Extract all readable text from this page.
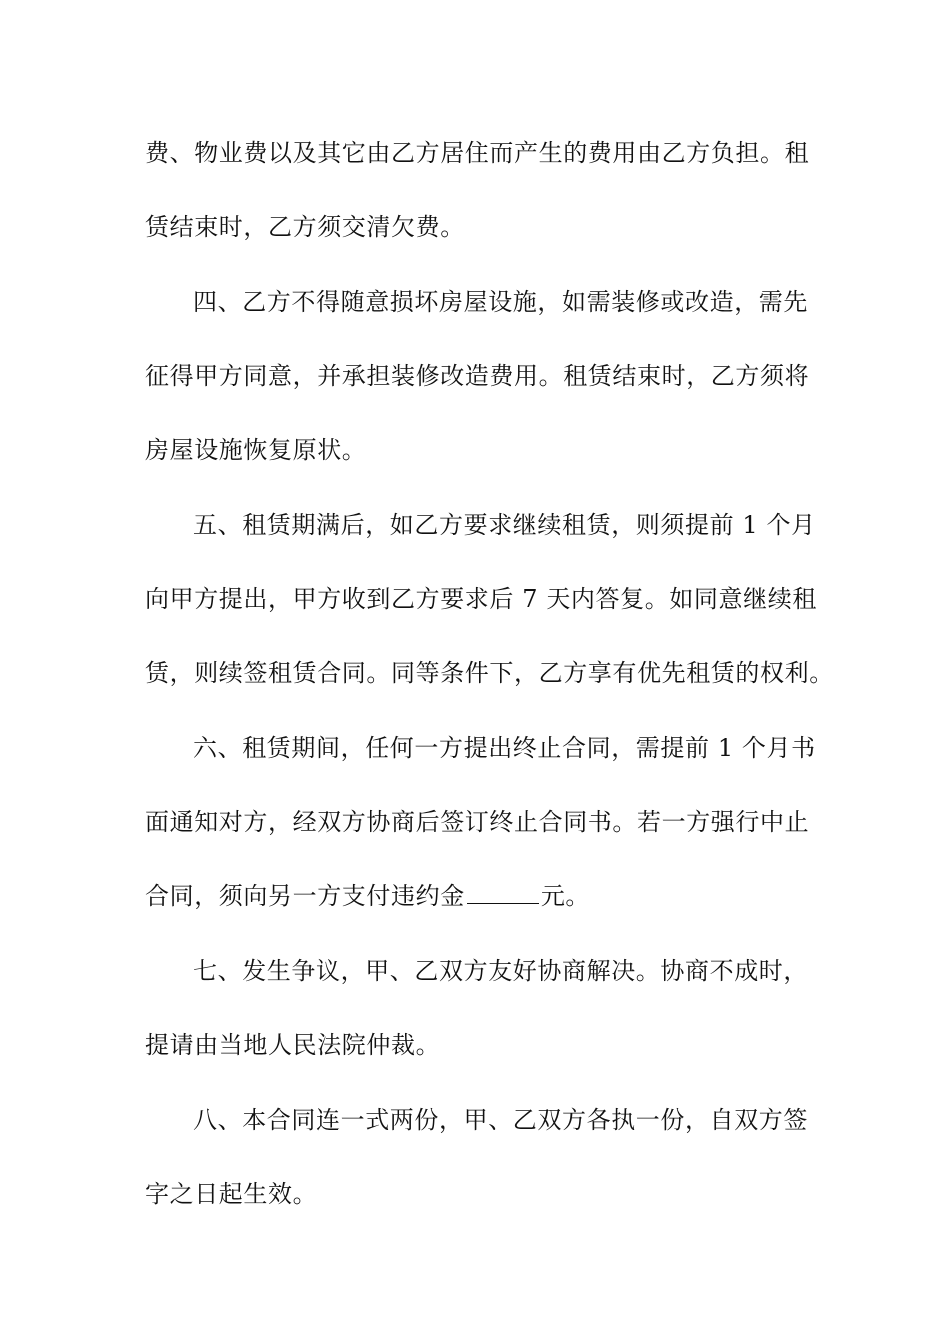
费、物业费以及其它由乙方居住而产生的费用由乙方负担。租
赁结束时，乙方须交清欠费。
四、乙方不得随意损坏房屋设施，如需装修或改造，需先
征得甲方同意，并承担装修改造费用。租赁结束时，乙方须将
房屋设施恢复原状。
五、租赁期满后，如乙方要求继续租赁，则须提前 1 个月
向甲方提出，甲方收到乙方要求后 7 天内答复。如同意继续租
赁，则续签租赁合同。同等条件下，乙方享有优先租赁的权利。
六、租赁期间，任何一方提出终止合同，需提前 1 个月书
面通知对方，经双方协商后签订终止合同书。若一方强行中止
合同，须向另一方支付违约金	元。
七、发生争议，甲、乙双方友好协商解决。协商不成时，
提请由当地人民法院仲裁。
八、本合同连一式两份，甲、乙双方各执一份，自双方签
字之日起生效。
